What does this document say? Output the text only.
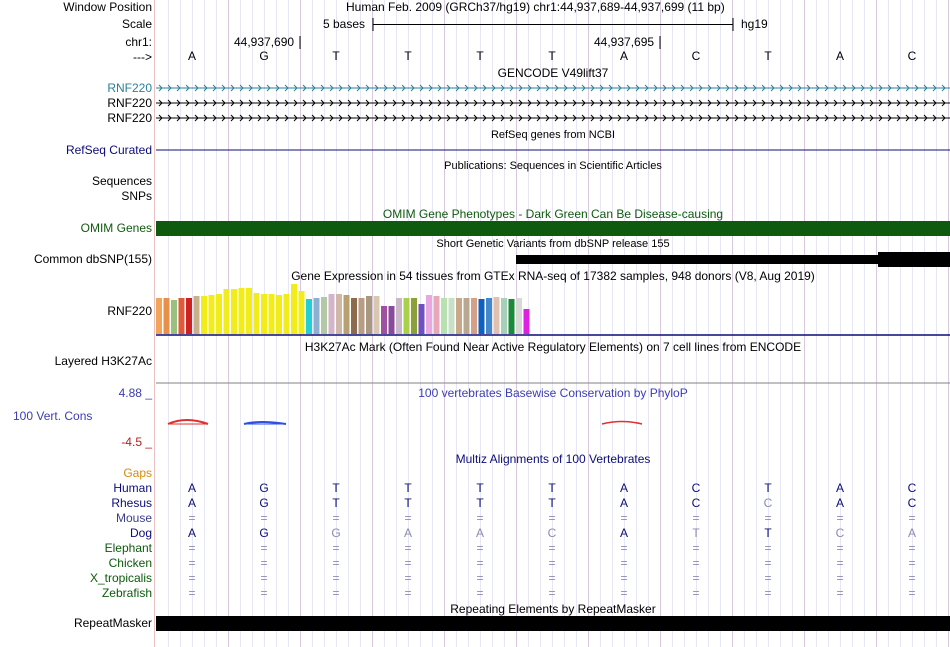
Window Position	Human Feb. 2009 (GRCh37/hg19) chr1:44,937,689-44,937,699 (11 bp)
Scale	5 bases	hg19
chr1:	44,937,690	44,937,695
--->	A	G	T	T	T	T	A	C	T	A	C
GENCODE V49lift37
RNF220
RNF220
RNF220
RefSeq genes from NCBI
RefSeq Curated
Publications: Sequences in Scientific Articles
Sequences
SNPs
OMIM Gene Phenotypes - Dark Green Can Be Disease-causing
OMIM Genes
Short Genetic Variants from dbSNP release 155
Common dbSNP(155)
Gene Expression in 54 tissues from GTEx RNA-seq of 17382 samples, 948 donors (V8, Aug 2019)
RNF220
H3K27Ac Mark (Often Found Near Active Regulatory Elements) on 7 cell lines from ENCODE
Layered H3K27Ac
100 vertebrates Basewise Conservation by PhyloP
4.88 _
100 Vert. Cons
-4.5 _
Multiz Alignments of 100 Vertebrates
Gaps
Human	A	G	T	T	T	T	A	C	T	A	C
Rhesus	A	G	T	T	T	T	A	C	C	A	C
Mouse	=	=	=	=	=	=	=	=	=	=	=
Dog	A	G	G	A	A	C	A	T	T	C	A
Elephant	=	=	=	=	=	=	=	=	=	=	=
Chicken	=	=	=	=	=	=	=	=	=	=	=
X_tropicalis	=	=	=	=	=	=	=	=	=	=	=
Zebrafish	=	=	=	=	=	=	=	=	=	=	=
Repeating Elements by RepeatMasker
RepeatMasker
